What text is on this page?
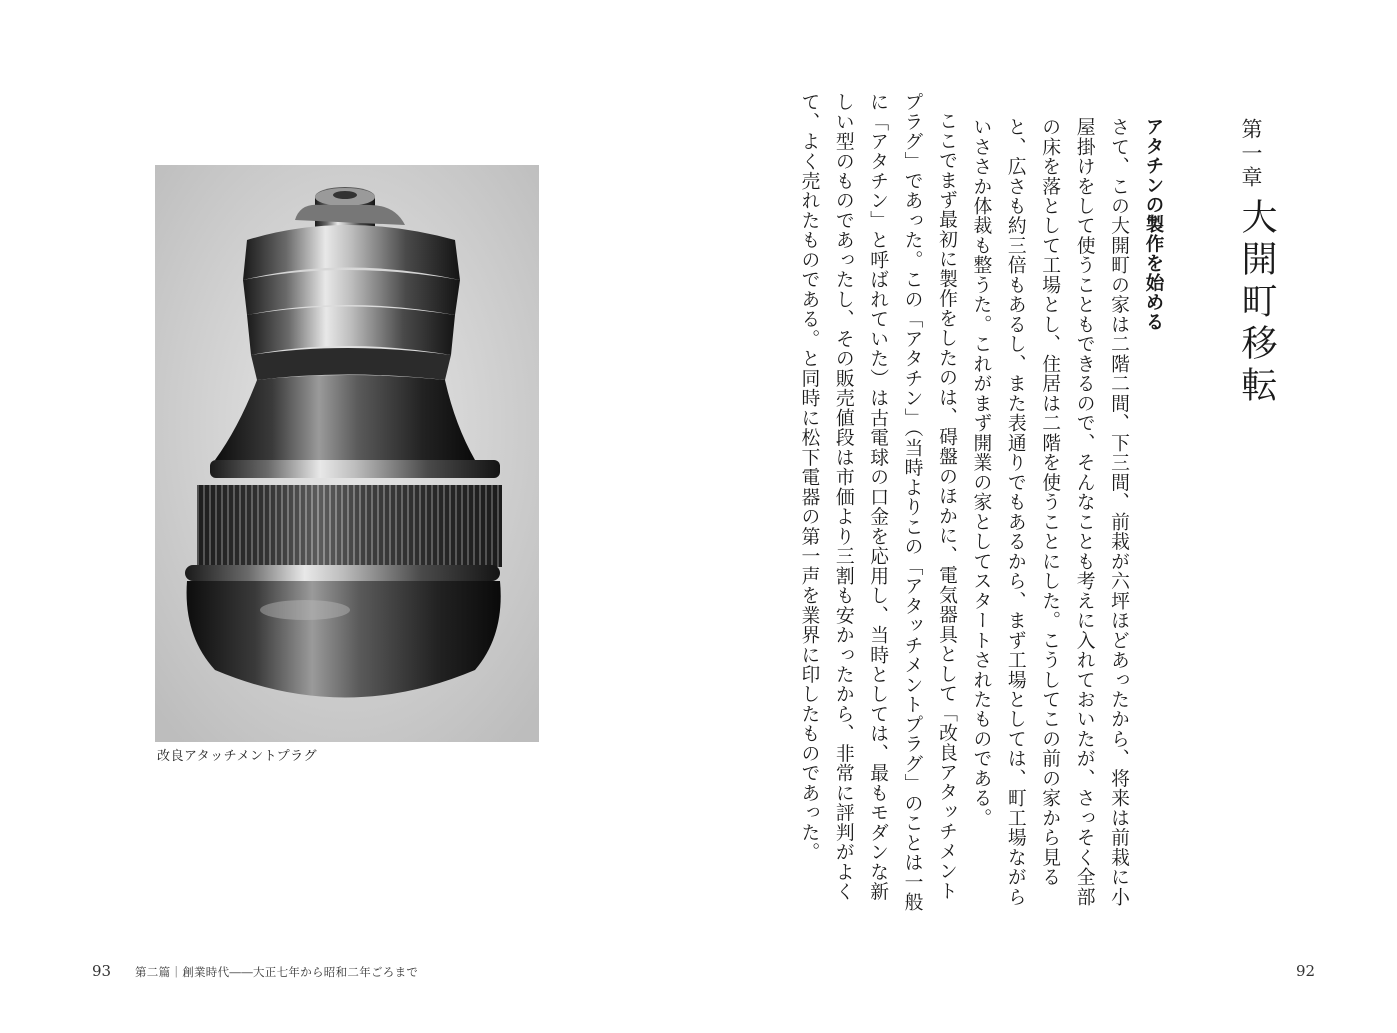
改良アタッチメントプラグ
93 第二篇｜創業時代――大正七年から昭和二年ごろまで
第一章
大開町移転
アタチンの製作を始める

さて、この大開町の家は二階二間、下三間、前栽が六坪ほどあったから、将来は前栽に小屋掛けをして使うこともできるので、そんなことも考えに入れておいたが、さっそく全部の床を落として工場とし、住居は二階を使うことにした。こうしてこの前の家から見ると、広さも約三倍もあるし、また表通りでもあるから、まず工場としては、町工場ながらいささか体裁も整うた。これがまず開業の家としてスタートされたものである。

ここでまず最初に製作をしたのは、碍盤のほかに、電気器具として「改良アタッチメントプラグ」であった。この「アタチン」（当時よりこの「アタッチメントプラグ」のことは一般に「アタチン」と呼ばれていた）は古電球の口金を応用し、当時としては、最もモダンな新しい型のものであったし、その販売値段は市価より三割も安かったから、非常に評判がよくて、よく売れたものである。と同時に松下電器の第一声を業界に印したものであった。

92
